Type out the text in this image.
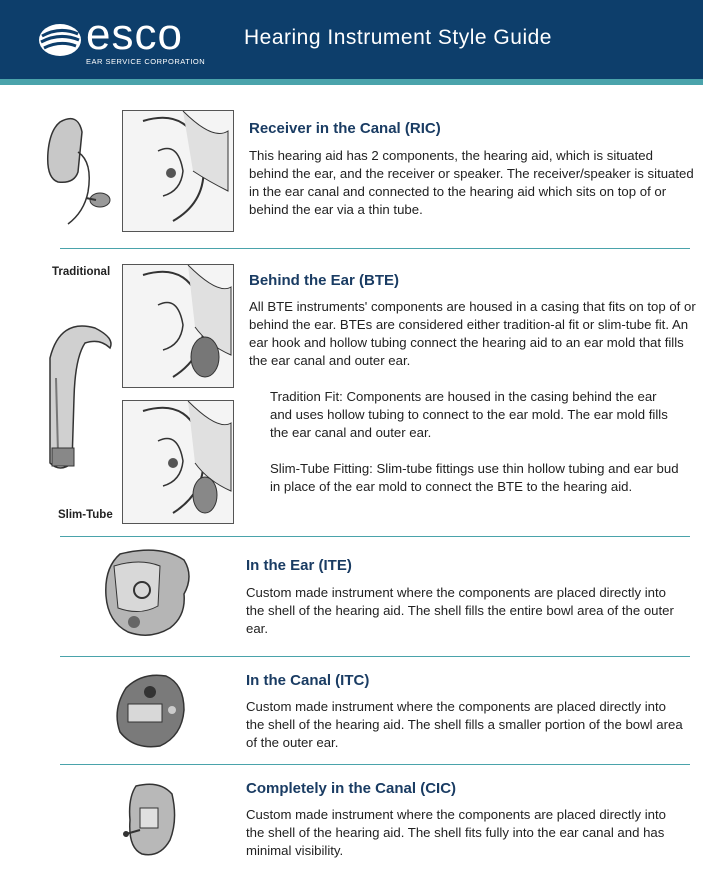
esco
EAR SERVICE CORPORATION
Hearing Instrument Style Guide
Receiver in the Canal (RIC)
This hearing aid has 2 components, the hearing aid, which is situated behind the ear, and the receiver or speaker. The receiver/speaker is situated in the ear canal and connected to the hearing aid which sits on top of or behind the ear via a thin tube.
Traditional
Slim-Tube
Behind the Ear (BTE)
All BTE instruments' components are housed in a casing that fits on top of or behind the ear. BTEs are considered either tradition-al fit or slim-tube fit. An ear hook and hollow tubing connect the hearing aid to an ear mold that fills the ear canal and outer ear.
Tradition Fit: Components are housed in the casing behind the ear and uses hollow tubing to connect to the ear mold. The ear mold fills the ear canal and outer ear.
Slim-Tube Fitting: Slim-tube fittings use thin hollow tubing and ear bud in place of the ear mold to connect the BTE to the hearing aid.
In the Ear (ITE)
Custom made instrument where the components are placed directly into the shell of the hearing aid. The shell fills the entire bowl area of the outer ear.
In the Canal (ITC)
Custom made instrument where the components are placed directly into the shell of the hearing aid. The shell fills a smaller portion of the bowl area of the outer ear.
Completely in the Canal (CIC)
Custom made instrument where the components are placed directly into the shell of the hearing aid. The shell fits fully into the ear canal and has minimal visibility.
